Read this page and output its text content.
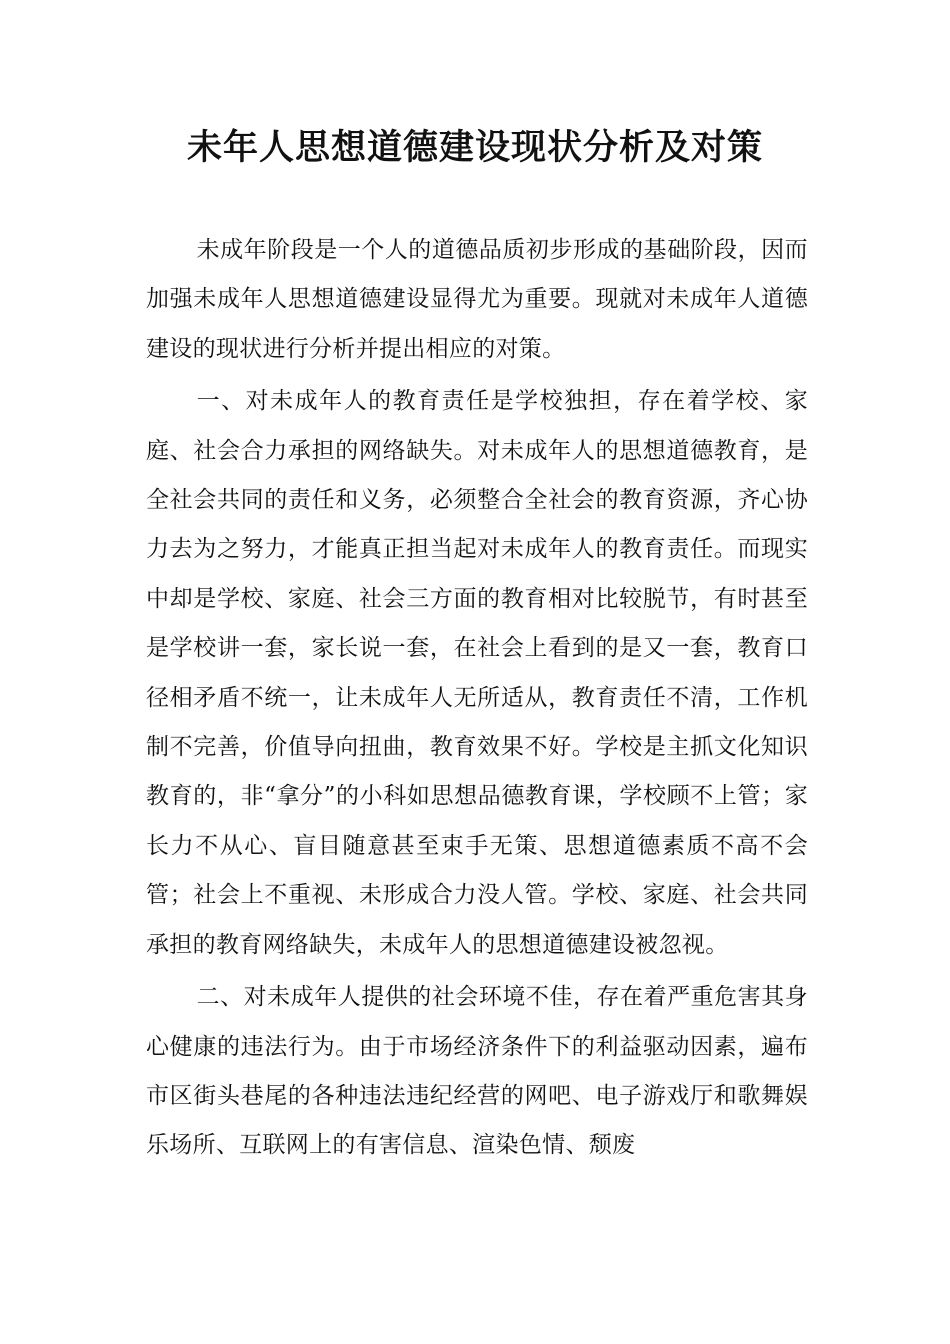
未年人思想道德建设现状分析及对策

未成年阶段是一个人的道德品质初步形成的基础阶段，因而加强未成年人思想道德建设显得尤为重要。现就对未成年人道德建设的现状进行分析并提出相应的对策。

一、对未成年人的教育责任是学校独担，存在着学校、家庭、社会合力承担的网络缺失。对未成年人的思想道德教育，是全社会共同的责任和义务，必须整合全社会的教育资源，齐心协力去为之努力，才能真正担当起对未成年人的教育责任。而现实中却是学校、家庭、社会三方面的教育相对比较脱节，有时甚至是学校讲一套，家长说一套，在社会上看到的是又一套，教育口径相矛盾不统一，让未成年人无所适从，教育责任不清，工作机制不完善，价值导向扭曲，教育效果不好。学校是主抓文化知识教育的，非“拿分”的小科如思想品德教育课，学校顾不上管；家长力不从心、盲目随意甚至束手无策、思想道德素质不高不会管；社会上不重视、未形成合力没人管。学校、家庭、社会共同承担的教育网络缺失，未成年人的思想道德建设被忽视。

二、对未成年人提供的社会环境不佳，存在着严重危害其身心健康的违法行为。由于市场经济条件下的利益驱动因素，遍布市区街头巷尾的各种违法违纪经营的网吧、电子游戏厅和歌舞娱乐场所、互联网上的有害信息、渲染色情、颓废
